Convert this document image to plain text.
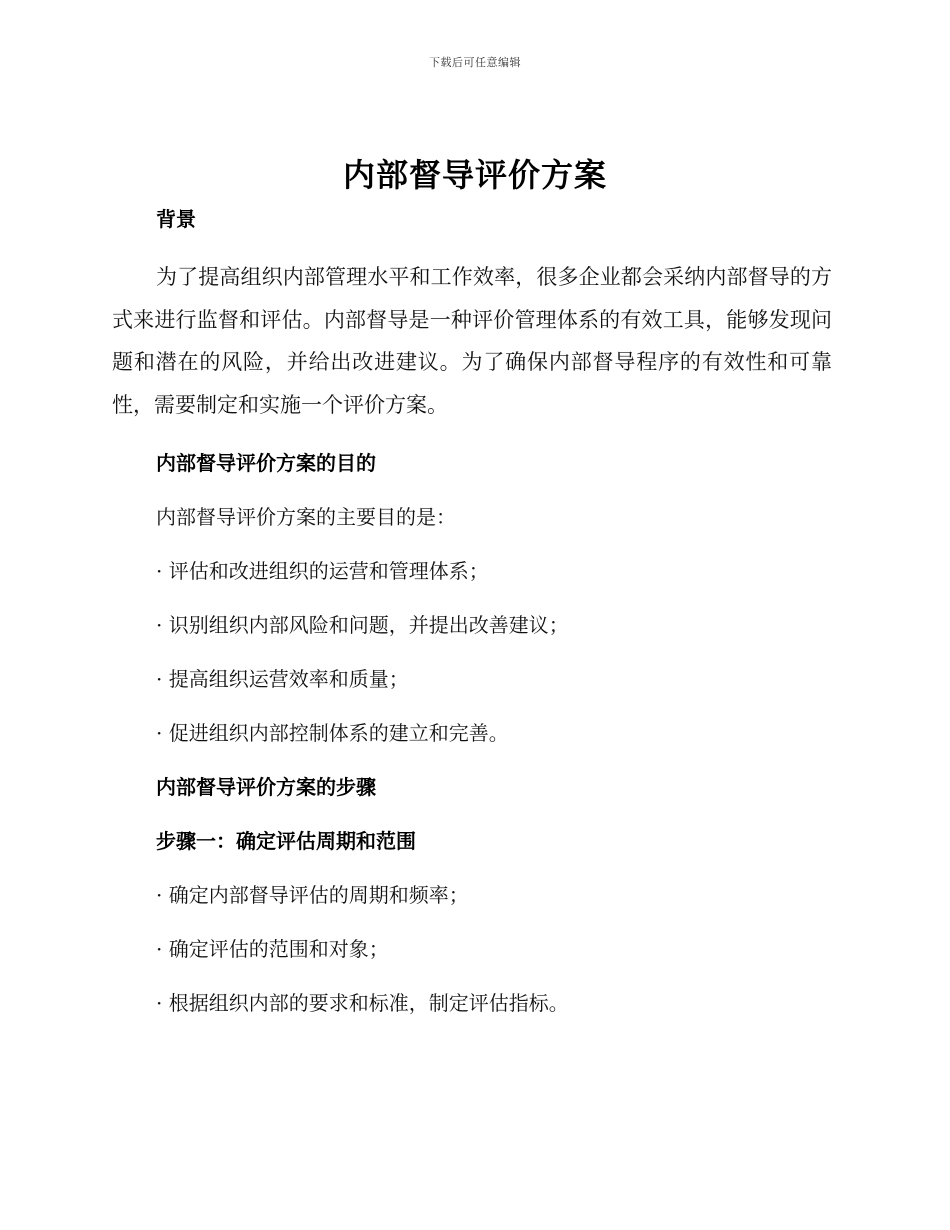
下载后可任意编辑
内部督导评价方案

背景

为了提高组织内部管理水平和工作效率，很多企业都会采纳内部督导的方式来进行监督和评估。内部督导是一种评价管理体系的有效工具，能够发现问题和潜在的风险，并给出改进建议。为了确保内部督导程序的有效性和可靠性，需要制定和实施一个评价方案。

内部督导评价方案的目的

内部督导评价方案的主要目的是：

· 评估和改进组织的运营和管理体系；

· 识别组织内部风险和问题，并提出改善建议；

· 提高组织运营效率和质量；

· 促进组织内部控制体系的建立和完善。

内部督导评价方案的步骤

步骤一：确定评估周期和范围

· 确定内部督导评估的周期和频率；

· 确定评估的范围和对象；

· 根据组织内部的要求和标准，制定评估指标。
